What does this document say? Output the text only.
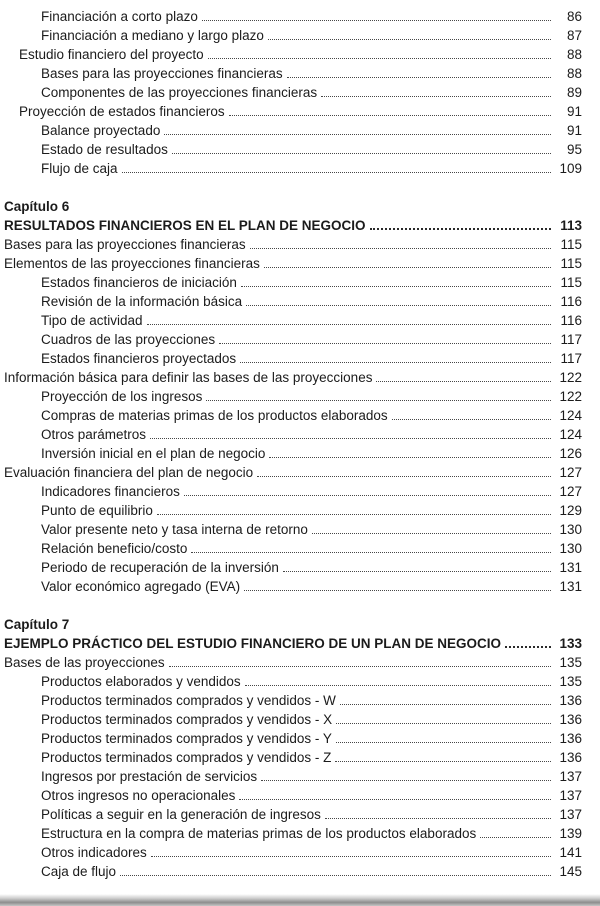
Financiación a corto plazo	86
Financiación a mediano y largo plazo	87
Estudio financiero del proyecto	88
Bases para las proyecciones financieras	88
Componentes de las proyecciones financieras	89
Proyección de estados financieros	91
Balance proyectado	91
Estado de resultados	95
Flujo de caja	109
Capítulo 6
RESULTADOS FINANCIEROS EN EL PLAN DE NEGOCIO	113
Bases para las proyecciones financieras	115
Elementos de las proyecciones financieras	115
Estados financieros de iniciación	115
Revisión de la información básica	116
Tipo de actividad	116
Cuadros de las proyecciones	117
Estados financieros proyectados	117
Información básica para definir las bases de las proyecciones	122
Proyección de los ingresos	122
Compras de materias primas de los productos elaborados	124
Otros parámetros	124
Inversión inicial en el plan de negocio	126
Evaluación financiera del plan de negocio	127
Indicadores financieros	127
Punto de equilibrio	129
Valor presente neto y tasa interna de retorno	130
Relación beneficio/costo	130
Periodo de recuperación de la inversión	131
Valor económico agregado (EVA)	131
Capítulo 7
EJEMPLO PRÁCTICO DEL ESTUDIO FINANCIERO DE UN PLAN DE NEGOCIO	133
Bases de las proyecciones	135
Productos elaborados y vendidos	135
Productos terminados comprados y vendidos - W	136
Productos terminados comprados y vendidos - X	136
Productos terminados comprados y vendidos - Y	136
Productos terminados comprados y vendidos - Z	136
Ingresos por prestación de servicios	137
Otros ingresos no operacionales	137
Políticas a seguir en la generación de ingresos	137
Estructura en la compra de materias primas de los productos elaborados	139
Otros indicadores	141
Caja de flujo	145
